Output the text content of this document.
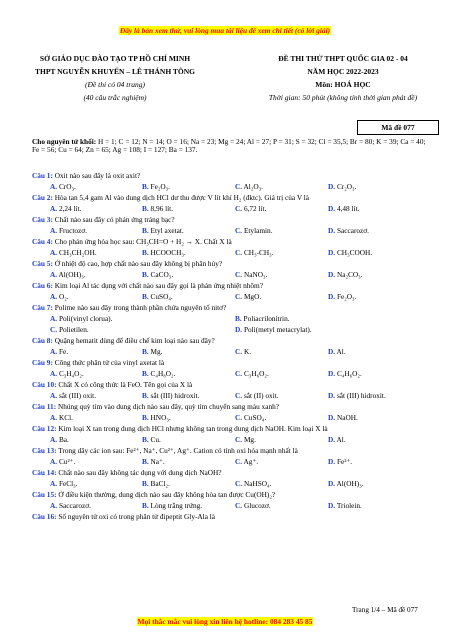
Đây là bản xem thử, vui lòng mua tài liệu để xem chi tiết (có lời giải)
SỞ GIÁO DỤC ĐÀO TẠO TP HỒ CHÍ MINH
THPT NGUYỄN KHUYẾN – LÊ THÁNH TÔNG
(Đề thi có 04 trang)
(40 câu trắc nghiệm)
ĐỀ THI THỬ THPT QUỐC GIA 02 - 04
NĂM HỌC 2022-2023
Môn: HOÁ HỌC
Thời gian: 50 phút (không tính thời gian phát đề)
Mã đề 077
Cho nguyên tử khối: H = 1; C = 12; N = 14; O = 16; Na = 23; Mg = 24; Al = 27; P = 31; S = 32; Cl = 35,5; Br = 80; K = 39; Ca = 40; Fe = 56; Cu = 64; Zn = 65; Ag = 108; I = 127; Ba = 137.
Câu 1: Oxit nào sau đây là oxit axit?
A. CrO₃.	B. Fe₂O₃.	C. Al₂O₃.	D. Cr₂O₃.
Câu 2: Hòa tan 5,4 gam Al vào dung dịch HCl dư thu được V lít khí H₂ (đktc). Giá trị của V là
A. 2,24 lít.	B. 8,96 lít.	C. 6,72 lít.	D. 4,48 lít.
Câu 3: Chất nào sau đây có phản ứng tráng bạc?
A. Fructozơ.	B. Etyl axetat.	C. Etylamin.	D. Saccarozơ.
Câu 4: Cho phản ứng hóa học sau: CH₃CH=O + H₂ → X. Chất X là
A. CH₃CH₂OH.	B. HCOOCH₃.	C. CH₃-CH₃.	D. CH₃COOH.
Câu 5: Ở nhiệt độ cao, hợp chất nào sau đây không bị phân hủy?
A. Al(OH)₃.	B. CaCO₃.	C. NaNO₃.	D. Na₂CO₃.
Câu 6: Kim loại Al tác dụng với chất nào sau đây gọi là phản ứng nhiệt nhôm?
A. O₂.	B. CuSO₄.	C. MgO.	D. Fe₂O₃.
Câu 7: Polime nào sau đây trong thành phần chứa nguyên tố nitơ?
A. Poli(vinyl clorua).	B. Poliacrilonitrin.
C. Polietilen.	D. Poli(metyl metacrylat).
Câu 8: Quặng hematit dùng để điều chế kim loại nào sau đây?
A. Fe.	B. Mg.	C. K.	D. Al.
Câu 9: Công thức phân tử của vinyl axetat là
A. C₃H₄O₂.	B. C₄H₈O₂.	C. C₃H₆O₂.	D. C₄H₆O₂.
Câu 10: Chất X có công thức là FeO. Tên gọi của X là
A. sắt (III) oxit.	B. sắt (III) hidroxit.	C. sắt (II) oxit.	D. sắt (III) hidroxit.
Câu 11: Nhúng quỳ tím vào dung dịch nào sau đây, quỳ tím chuyển sang màu xanh?
A. KCl.	B. HNO₃.	C. CuSO₄.	D. NaOH.
Câu 12: Kim loại X tan trong dung dịch HCl nhưng không tan trong dung dịch NaOH. Kim loại X là
A. Ba.	B. Cu.	C. Mg.	D. Al.
Câu 13: Trong dãy các ion sau: Fe²⁺, Na⁺, Cu²⁺, Ag⁺. Cation có tính oxi hóa mạnh nhất là
A. Cu²⁺.	B. Na⁺.	C. Ag⁺.	D. Fe²⁺.
Câu 14: Chất nào sau đây không tác dụng với dung dịch NaOH?
A. FeCl₃.	B. BaCl₂.	C. NaHSO₄.	D. Al(OH)₃.
Câu 15: Ở điều kiện thường, dung dịch nào sau đây không hòa tan được Cu(OH)₂?
A. Saccarozơ.	B. Lòng trắng trứng.	C. Glucozơ.	D. Triolein.
Câu 16: Số nguyên tử oxi có trong phân tử đipeptit Gly-Ala là
Trang 1/4 – Mã đề 077
Mọi thắc mắc vui lòng xin liên hệ hotline: 084 283 45 85
